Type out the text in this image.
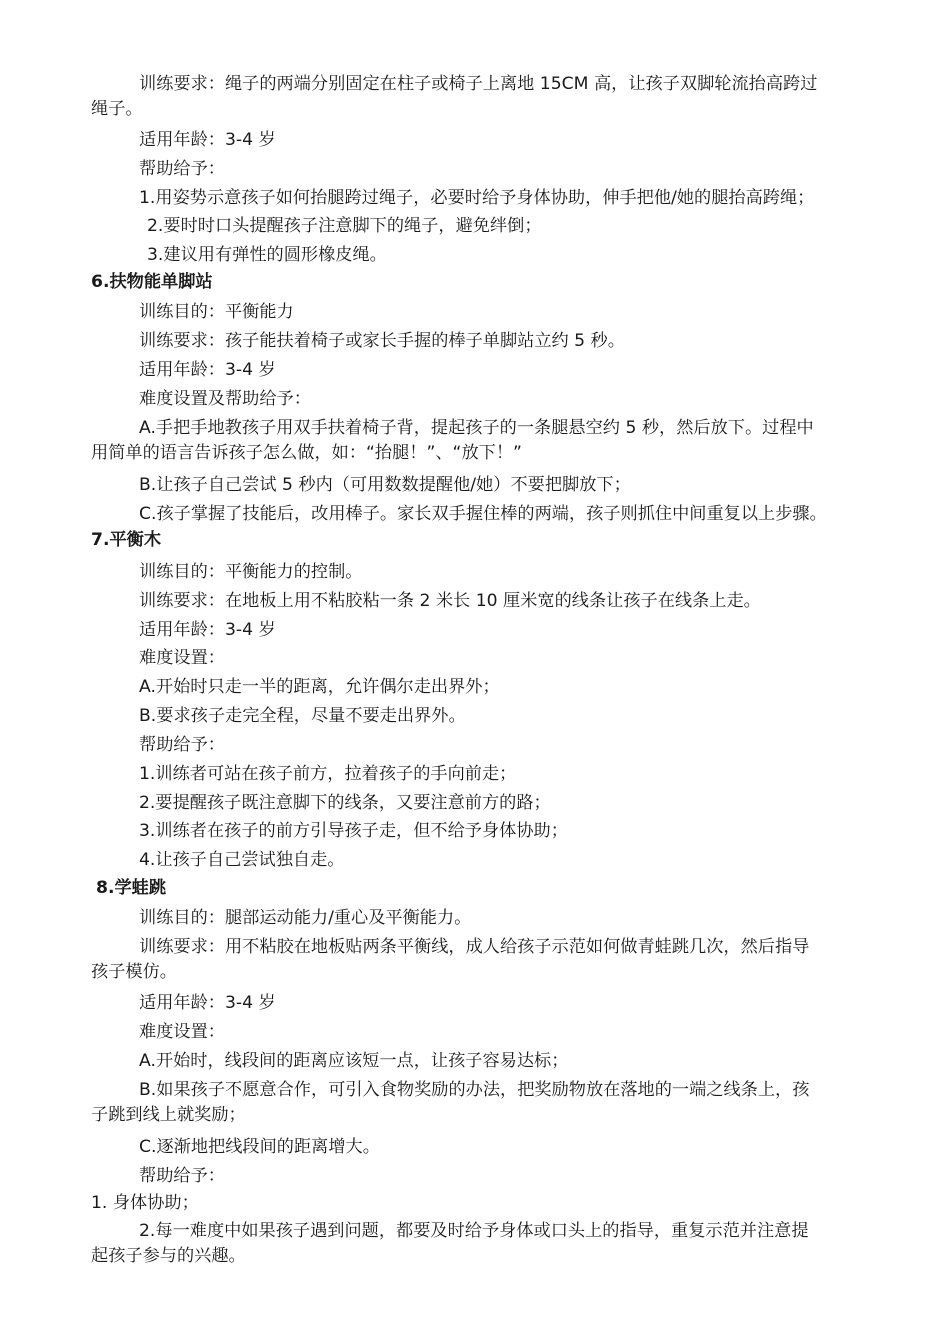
训练要求：绳子的两端分别固定在柱子或椅子上离地 15CM 高，让孩子双脚轮流抬高跨过
绳子。
适用年龄：3-4 岁
帮助给予：
1.用姿势示意孩子如何抬腿跨过绳子，必要时给予身体协助，伸手把他/她的腿抬高跨绳；
2.要时时口头提醒孩子注意脚下的绳子，避免绊倒；
3.建议用有弹性的圆形橡皮绳。
6.扶物能单脚站
训练目的：平衡能力
训练要求：孩子能扶着椅子或家长手握的棒子单脚站立约 5 秒。
适用年龄：3-4 岁
难度设置及帮助给予：
A.手把手地教孩子用双手扶着椅子背，提起孩子的一条腿悬空约 5 秒，然后放下。过程中
用简单的语言告诉孩子怎么做，如：“抬腿！”、“放下！”
B.让孩子自己尝试 5 秒内（可用数数提醒他/她）不要把脚放下；
C.孩子掌握了技能后，改用棒子。家长双手握住棒的两端，孩子则抓住中间重复以上步骤。
7.平衡木
训练目的：平衡能力的控制。
训练要求：在地板上用不粘胶粘一条 2 米长 10 厘米宽的线条让孩子在线条上走。
适用年龄：3-4 岁
难度设置：
A.开始时只走一半的距离，允许偶尔走出界外；
B.要求孩子走完全程，尽量不要走出界外。
帮助给予：
1.训练者可站在孩子前方，拉着孩子的手向前走；
2.要提醒孩子既注意脚下的线条，又要注意前方的路；
3.训练者在孩子的前方引导孩子走，但不给予身体协助；
4.让孩子自己尝试独自走。
8.学蛙跳
训练目的：腿部运动能力/重心及平衡能力。
训练要求：用不粘胶在地板贴两条平衡线，成人给孩子示范如何做青蛙跳几次，然后指导
孩子模仿。
适用年龄：3-4 岁
难度设置：
A.开始时，线段间的距离应该短一点，让孩子容易达标；
B.如果孩子不愿意合作，可引入食物奖励的办法，把奖励物放在落地的一端之线条上，孩
子跳到线上就奖励；
C.逐渐地把线段间的距离增大。
帮助给予：
1. 身体协助；
2.每一难度中如果孩子遇到问题，都要及时给予身体或口头上的指导，重复示范并注意提
起孩子参与的兴趣。
